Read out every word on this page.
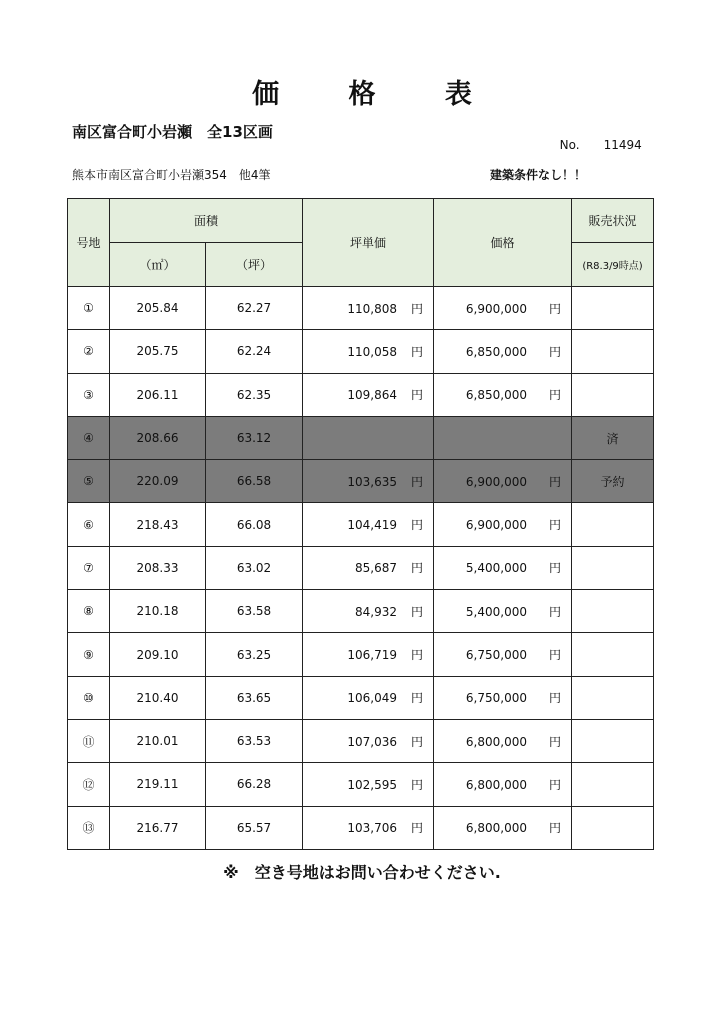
価 格 表
南区富合町小岩瀬　全13区画

No. 11494

熊本市南区富合町小岩瀬354　他4筆	建築条件なし！！
号地	面積		坪単価	価格	販売状況
	（㎡）	（坪）			(R8.3/9時点)
①	205.84	62.27	110,808 円	6,900,000 円	
②	205.75	62.24	110,058 円	6,850,000 円	
③	206.11	62.35	109,864 円	6,850,000 円	
④	208.66	63.12			済
⑤	220.09	66.58	103,635 円	6,900,000 円	予約
⑥	218.43	66.08	104,419 円	6,900,000 円	
⑦	208.33	63.02	85,687 円	5,400,000 円	
⑧	210.18	63.58	84,932 円	5,400,000 円	
⑨	209.10	63.25	106,719 円	6,750,000 円	
⑩	210.40	63.65	106,049 円	6,750,000 円	
⑪	210.01	63.53	107,036 円	6,800,000 円	
⑫	219.11	66.28	102,595 円	6,800,000 円	
⑬	216.77	65.57	103,706 円	6,800,000 円	
※　空き号地はお問い合わせください.
